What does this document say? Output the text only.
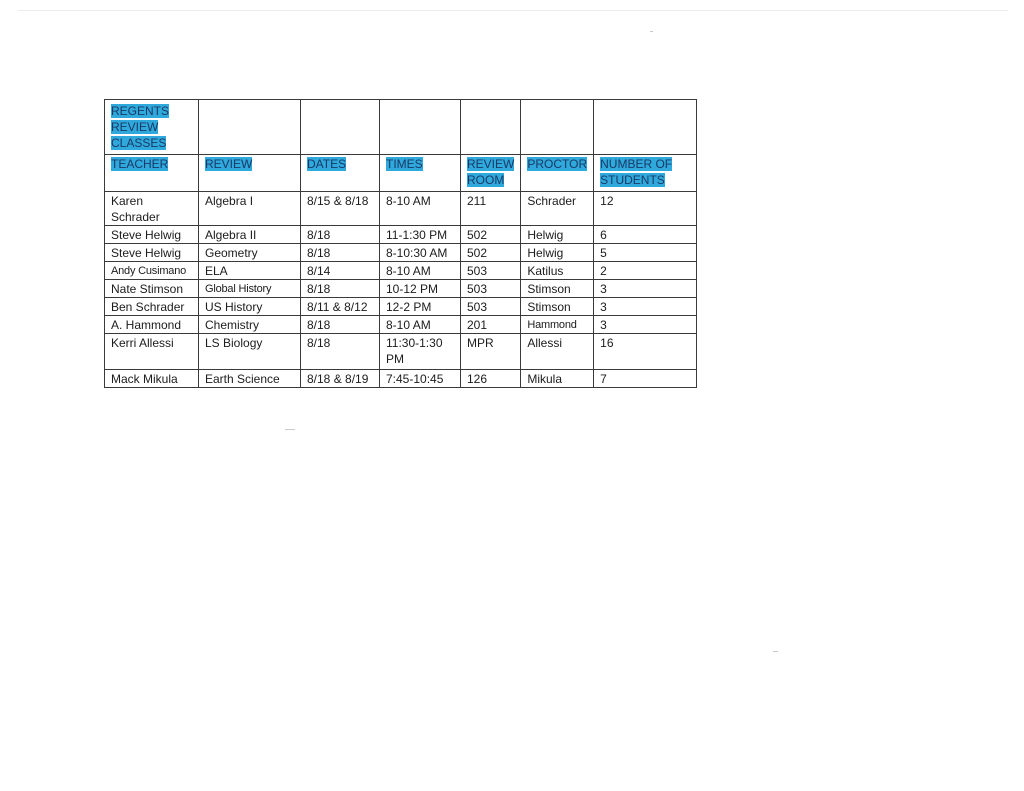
REGENTS REVIEW CLASSES						
TEACHER	REVIEW	DATES	TIMES	REVIEW ROOM	PROCTOR	NUMBER OF STUDENTS
Karen Schrader	Algebra I	8/15 & 8/18	8-10 AM	211	Schrader	12
Steve Helwig	Algebra II	8/18	11-1:30 PM	502	Helwig	6
Steve Helwig	Geometry	8/18	8-10:30 AM	502	Helwig	5
Andy Cusimano	ELA	8/14	8-10 AM	503	Katilus	2
Nate Stimson	Global History	8/18	10-12 PM	503	Stimson	3
Ben Schrader	US History	8/11 & 8/12	12-2 PM	503	Stimson	3
A. Hammond	Chemistry	8/18	8-10 AM	201	Hammond	3
Kerri Allessi	LS Biology	8/18	11:30-1:30 PM	MPR	Allessi	16
Mack Mikula	Earth Science	8/18 & 8/19	7:45-10:45	126	Mikula	7
